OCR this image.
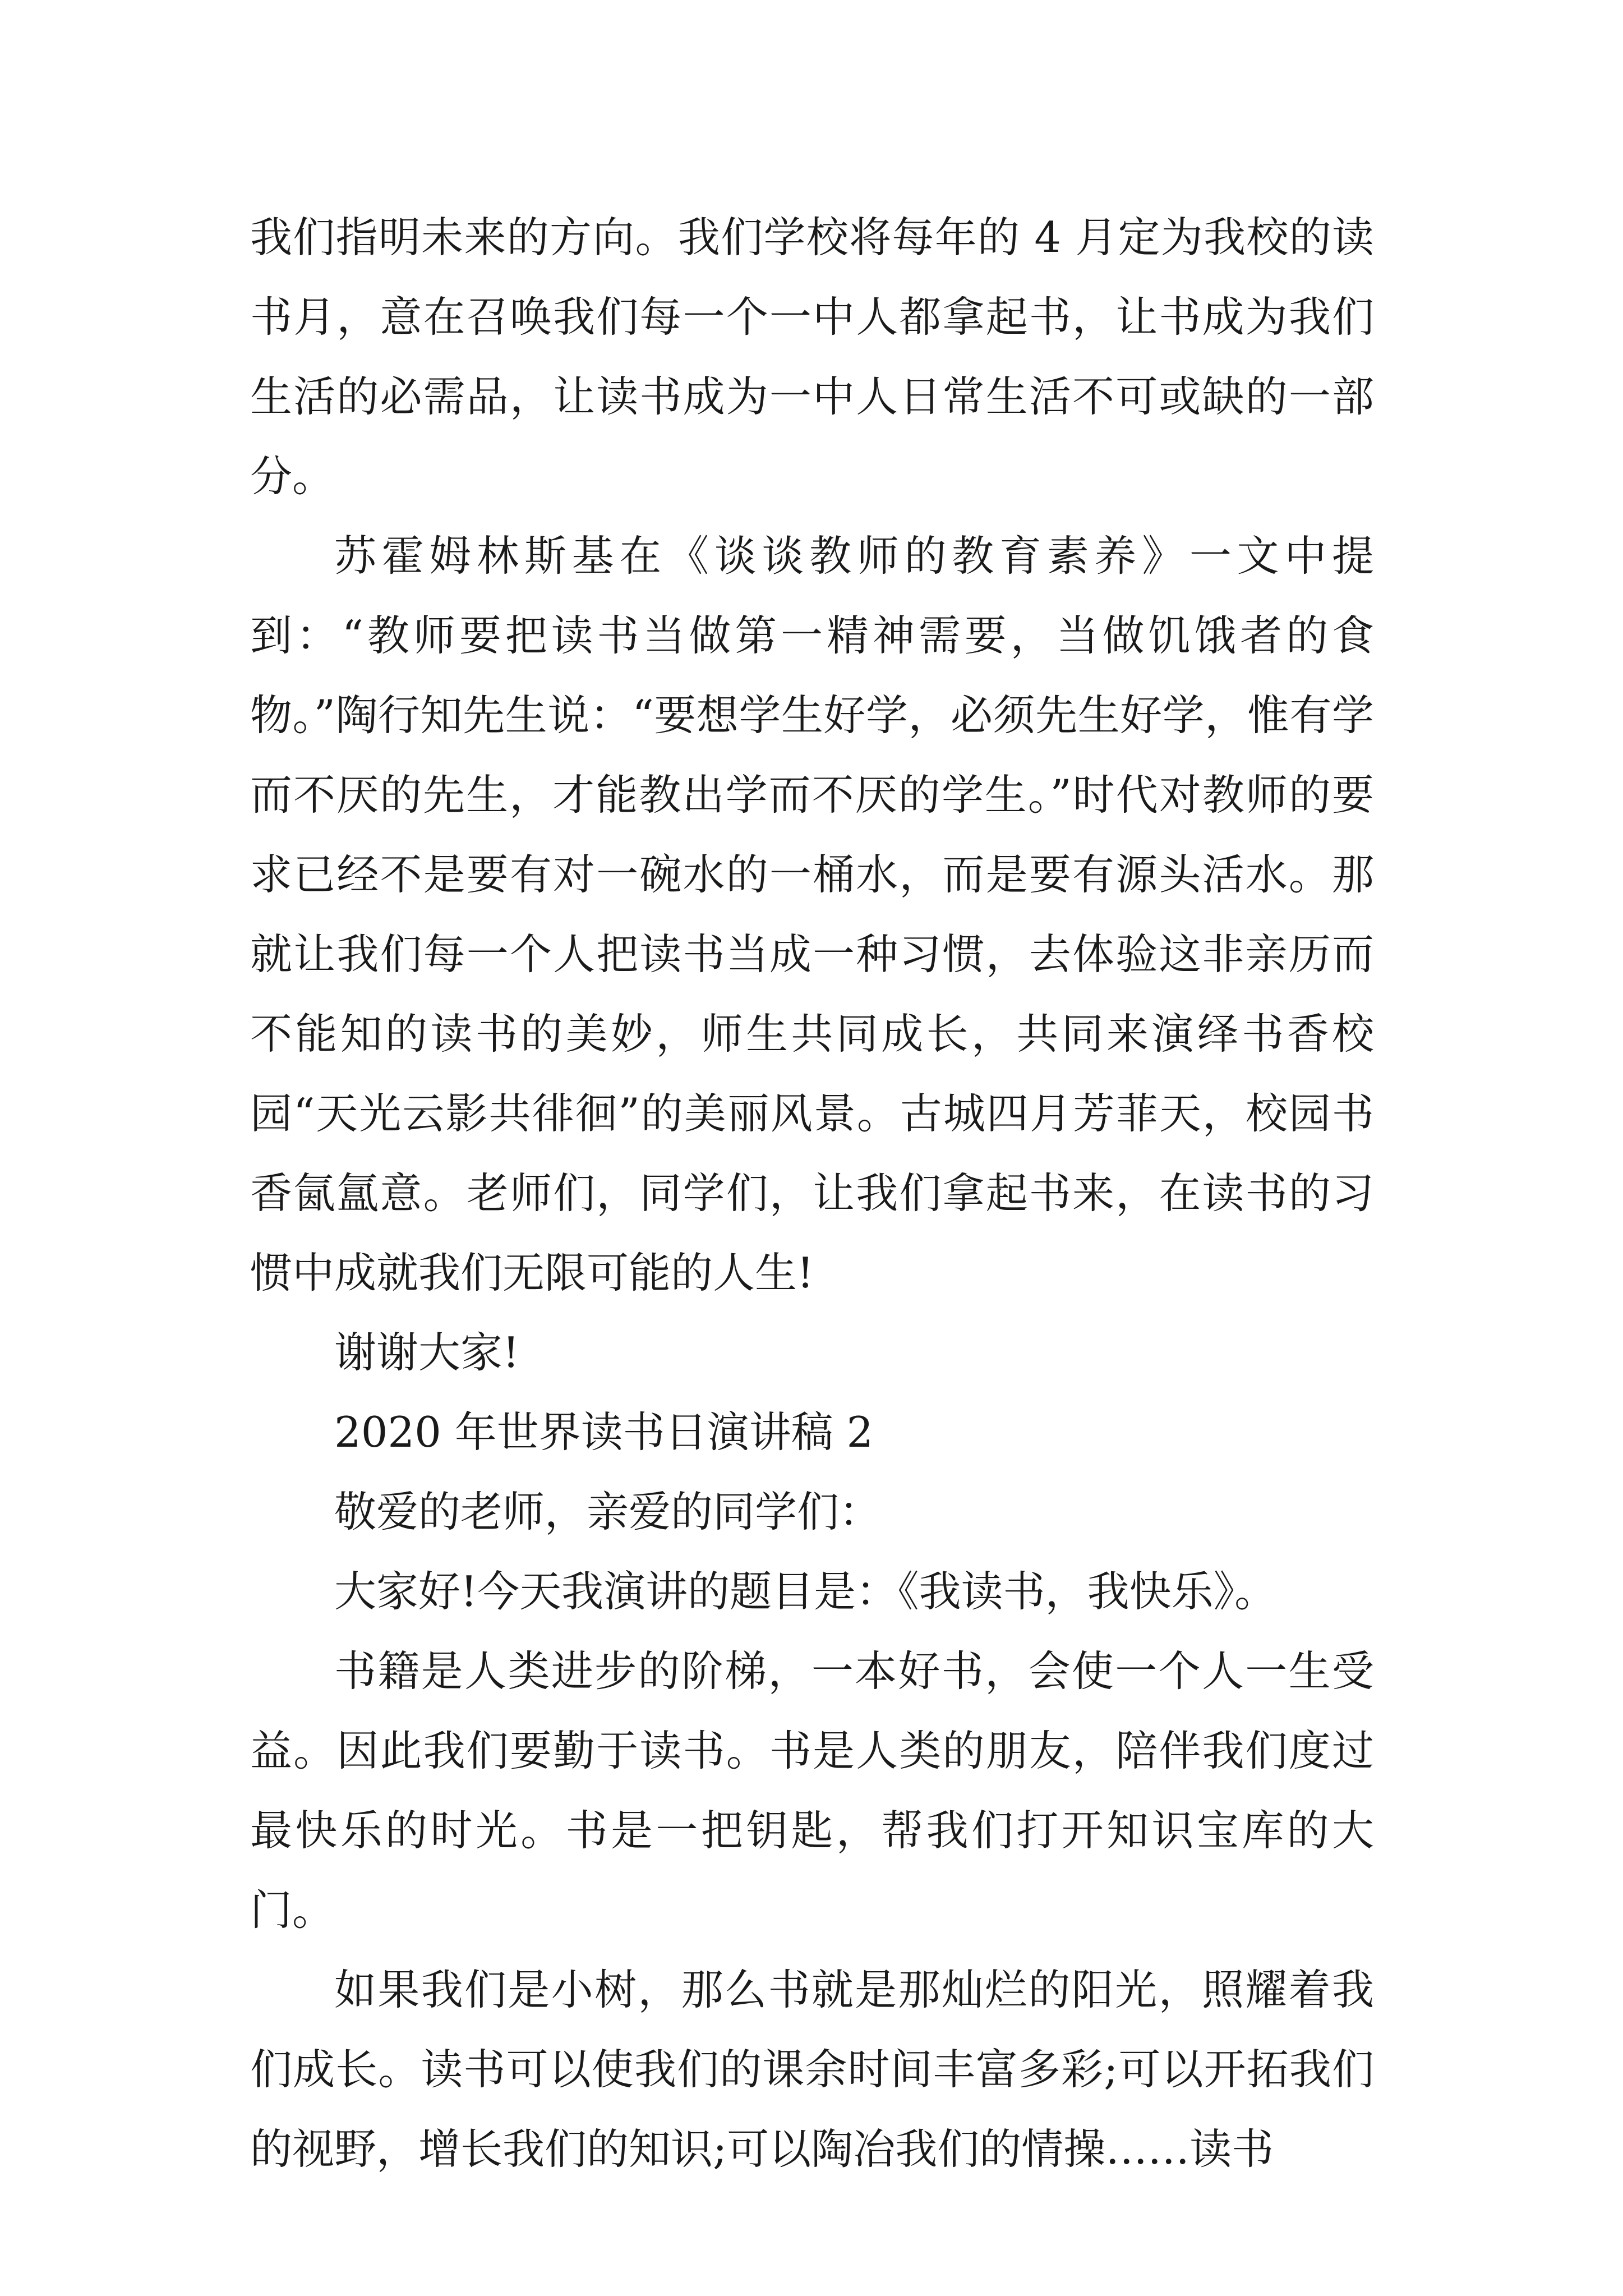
我们指明未来的方向。我们学校将每年的 4 月定为我校的读书月，意在召唤我们每一个一中人都拿起书，让书成为我们生活的必需品，让读书成为一中人日常生活不可或缺的一部分。

苏霍姆林斯基在《谈谈教师的教育素养》一文中提到：“教师要把读书当做第一精神需要，当做饥饿者的食物。”陶行知先生说：“要想学生好学，必须先生好学，惟有学而不厌的先生，才能教出学而不厌的学生。”时代对教师的要求已经不是要有对一碗水的一桶水，而是要有源头活水。那就让我们每一个人把读书当成一种习惯，去体验这非亲历而不能知的读书的美妙，师生共同成长，共同来演绎书香校园“天光云影共徘徊”的美丽风景。古城四月芳菲天，校园书香氤氲意。老师们，同学们，让我们拿起书来，在读书的习惯中成就我们无限可能的人生!

谢谢大家!

2020 年世界读书日演讲稿 2

敬爱的老师，亲爱的同学们：

大家好!今天我演讲的题目是：《我读书，我快乐》。

书籍是人类进步的阶梯，一本好书，会使一个人一生受益。因此我们要勤于读书。书是人类的朋友，陪伴我们度过最快乐的时光。书是一把钥匙，帮我们打开知识宝库的大门。

如果我们是小树，那么书就是那灿烂的阳光，照耀着我们成长。读书可以使我们的课余时间丰富多彩;可以开拓我们的视野，增长我们的知识;可以陶冶我们的情操……读书
